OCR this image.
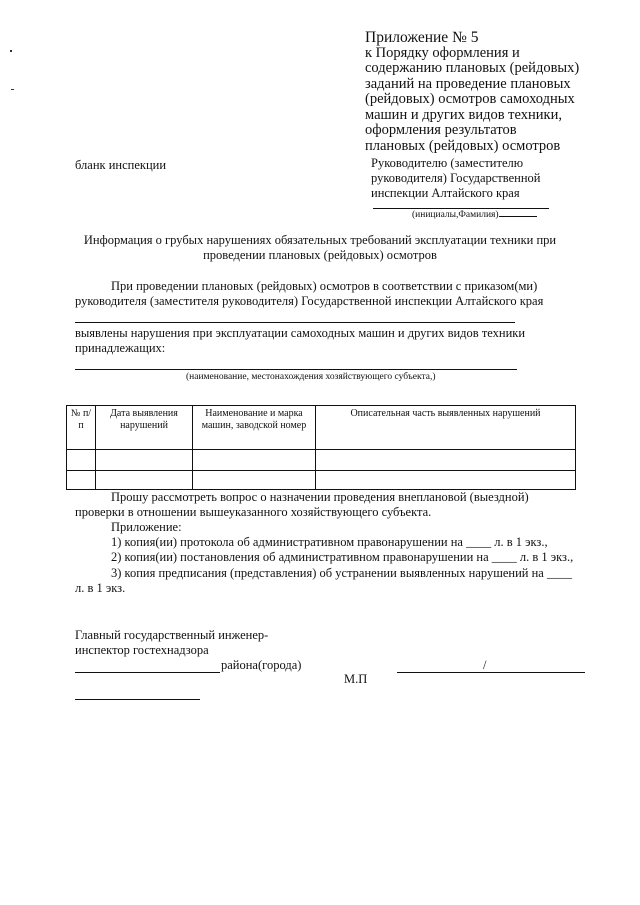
Приложение № 5
к Порядку оформления и
содержанию плановых (рейдовых)
заданий на проведение плановых
(рейдовых) осмотров самоходных
машин и других видов техники,
оформления результатов
плановых (рейдовых) осмотров
бланк инспекции	Руководителю (заместителю
руководителя) Государственной
инспекции Алтайского края
(инициалы,Фамилия)
Информация о грубых нарушениях обязательных требований эксплуатации техники при
проведении плановых (рейдовых) осмотров
При проведении плановых (рейдовых) осмотров в соответствии с приказом(ми)
руководителя (заместителя руководителя) Государственной инспекции Алтайского края
выявлены нарушения при эксплуатации самоходных машин и других видов техники
принадлежащих:
(наименование, местонахождения хозяйствующего субъекта,)
№ п/п	Дата выявления нарушений	Наименование и марка машин, заводской номер	Описательная часть выявленных нарушений

Прошу рассмотреть вопрос о назначении проведения внеплановой (выездной)
проверки в отношении вышеуказанного хозяйствующего субъекта.
Приложение:
1) копия(ии) протокола об административном правонарушении на ____ л. в 1 экз.,
2) копия(ии) постановления об административном правонарушении на ____ л. в 1 экз.,
3) копия предписания (представления) об устранении выявленных нарушений на ____
л. в 1 экз.
Главный государственный инженер-
инспектор гостехнадзора
района(города)	/
М.П
